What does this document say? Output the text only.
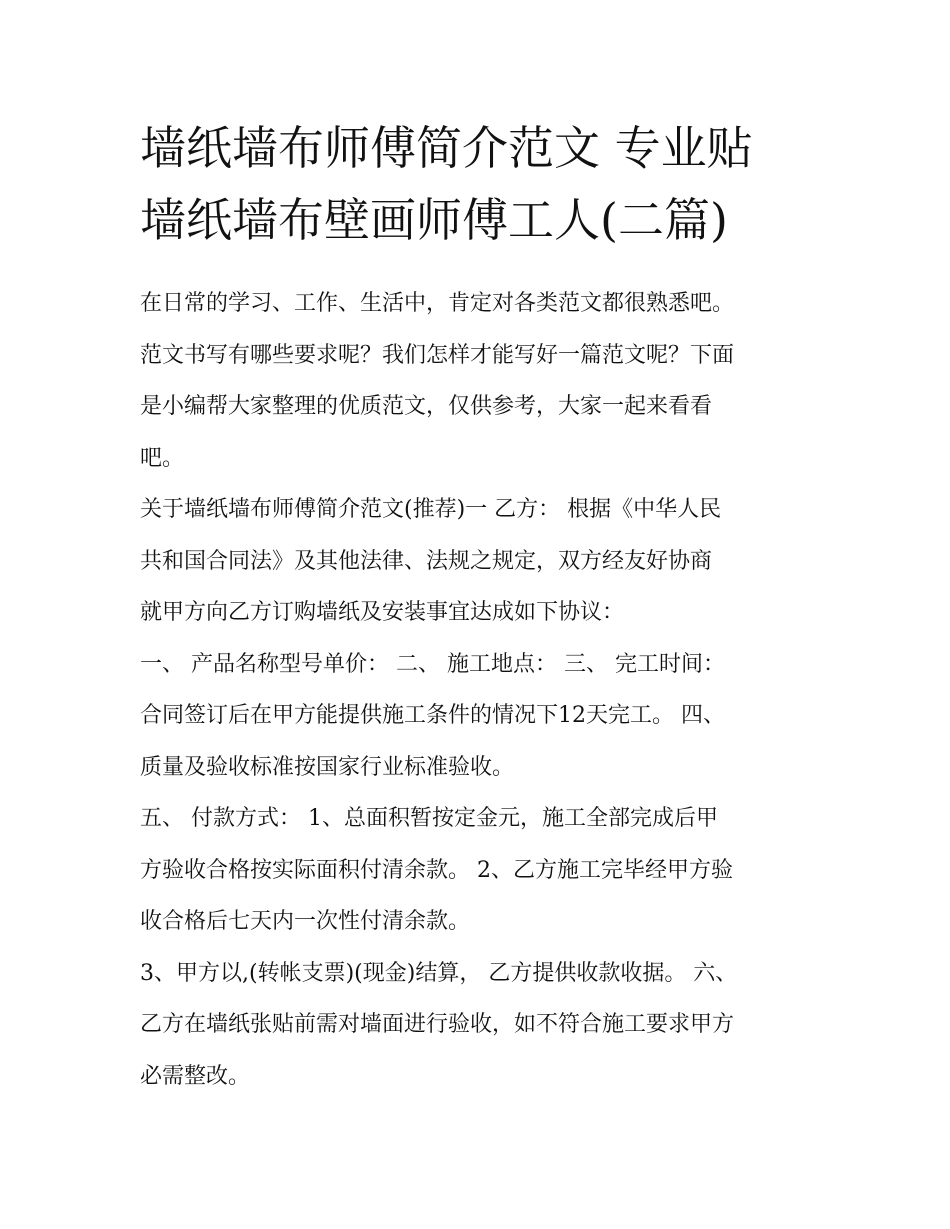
墙纸墙布师傅简介范文 专业贴
墙纸墙布壁画师傅工人(二篇)

在日常的学习、工作、生活中，肯定对各类范文都很熟悉吧。
范文书写有哪些要求呢？我们怎样才能写好一篇范文呢？下面
是小编帮大家整理的优质范文，仅供参考，大家一起来看看
吧。

关于墙纸墙布师傅简介范文(推荐)一 乙方： 根据《中华人民
共和国合同法》及其他法律、法规之规定，双方经友好协商
就甲方向乙方订购墙纸及安装事宜达成如下协议：

一、 产品名称型号单价： 二、 施工地点： 三、 完工时间：
合同签订后在甲方能提供施工条件的情况下12天完工。 四、
质量及验收标准按国家行业标准验收。

五、 付款方式： 1、总面积暂按定金元，施工全部完成后甲
方验收合格按实际面积付清余款。 2、乙方施工完毕经甲方验
收合格后七天内一次性付清余款。

3、甲方以,(转帐支票)(现金)结算， 乙方提供收款收据。 六、
乙方在墙纸张贴前需对墙面进行验收，如不符合施工要求甲方
必需整改。
